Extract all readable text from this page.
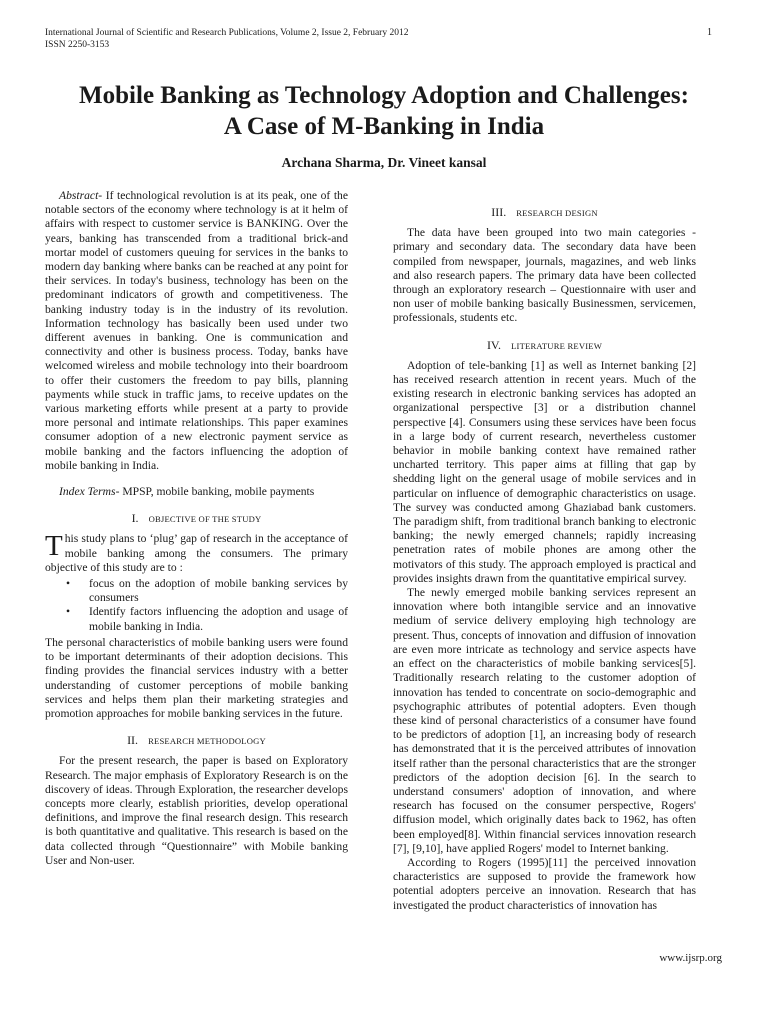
International Journal of Scientific and Research Publications, Volume 2, Issue 2, February 2012
ISSN 2250-3153
1
Mobile Banking as Technology Adoption and Challenges:
A Case of M-Banking in India
Archana Sharma, Dr. Vineet kansal

Abstract- If technological revolution is at its peak, one of the notable sectors of the economy where technology is at it helm of affairs with respect to customer service is BANKING. Over the years, banking has transcended from a traditional brick-and mortar model of customers queuing for services in the banks to modern day banking where banks can be reached at any point for their services. In today's business, technology has been on the predominant indicators of growth and competitiveness. The banking industry today is in the industry of its revolution. Information technology has basically been used under two different avenues in banking. One is communication and connectivity and other is business process. Today, banks have welcomed wireless and mobile technology into their boardroom to offer their customers the freedom to pay bills, planning payments while stuck in traffic jams, to receive updates on the various marketing efforts while present at a party to provide more personal and intimate relationships. This paper examines consumer adoption of a new electronic payment service as mobile banking and the factors influencing the adoption of mobile banking in India.

Index Terms- MPSP, mobile banking, mobile payments

I. OBJECTIVE OF THE STUDY

This study plans to ‘plug’ gap of research in the acceptance of mobile banking among the consumers. The primary objective of this study are to :

• focus on the adoption of mobile banking services by consumers
• Identify factors influencing the adoption and usage of mobile banking in India.

The personal characteristics of mobile banking users were found to be important determinants of their adoption decisions. This finding provides the financial services industry with a better understanding of customer perceptions of mobile banking services and helps them plan their marketing strategies and promotion approaches for mobile banking services in the future.

II. RESEARCH METHODOLOGY

For the present research, the paper is based on Exploratory Research. The major emphasis of Exploratory Research is on the discovery of ideas. Through Exploration, the researcher develops concepts more clearly, establish priorities, develop operational definitions, and improve the final research design. This research is both quantitative and qualitative. This research is based on the data collected through “Questionnaire” with Mobile banking User and Non-user.

III. RESEARCH DESIGN

The data have been grouped into two main categories - primary and secondary data. The secondary data have been compiled from newspaper, journals, magazines, and web links and also research papers. The primary data have been collected through an exploratory research – Questionnaire with user and non user of mobile banking basically Businessmen, servicemen, professionals, students etc.

IV. LITERATURE REVIEW

Adoption of tele-banking [1] as well as Internet banking [2] has received research attention in recent years. Much of the existing research in electronic banking services has adopted an organizational perspective [3] or a distribution channel perspective [4]. Consumers using these services have been focus in a large body of current research, nevertheless customer behavior in mobile banking context have remained rather uncharted territory. This paper aims at filling that gap by shedding light on the general usage of mobile services and in particular on influence of demographic characteristics on usage. The survey was conducted among Ghaziabad bank customers. The paradigm shift, from traditional branch banking to electronic banking; the newly emerged channels; rapidly increasing penetration rates of mobile phones are among other the motivators of this study. The approach employed is practical and provides insights drawn from the quantitative empirical survey.

The newly emerged mobile banking services represent an innovation where both intangible service and an innovative medium of service delivery employing high technology are present. Thus, concepts of innovation and diffusion of innovation are even more intricate as technology and service aspects have an effect on the characteristics of mobile banking services[5]. Traditionally research relating to the customer adoption of innovation has tended to concentrate on socio-demographic and psychographic attributes of potential adopters. Even though these kind of personal characteristics of a consumer have found to be predictors of adoption [1], an increasing body of research has demonstrated that it is the perceived attributes of innovation itself rather than the personal characteristics that are the stronger predictors of the adoption decision [6]. In the search to understand consumers' adoption of innovation, and where research has focused on the consumer perspective, Rogers' diffusion model, which originally dates back to 1962, has often been employed[8]. Within financial services innovation research [7], [9,10], have applied Rogers' model to Internet banking.

According to Rogers (1995)[11] the perceived innovation characteristics are supposed to provide the framework how potential adopters perceive an innovation. Research that has investigated the product characteristics of innovation has

www.ijsrp.org
